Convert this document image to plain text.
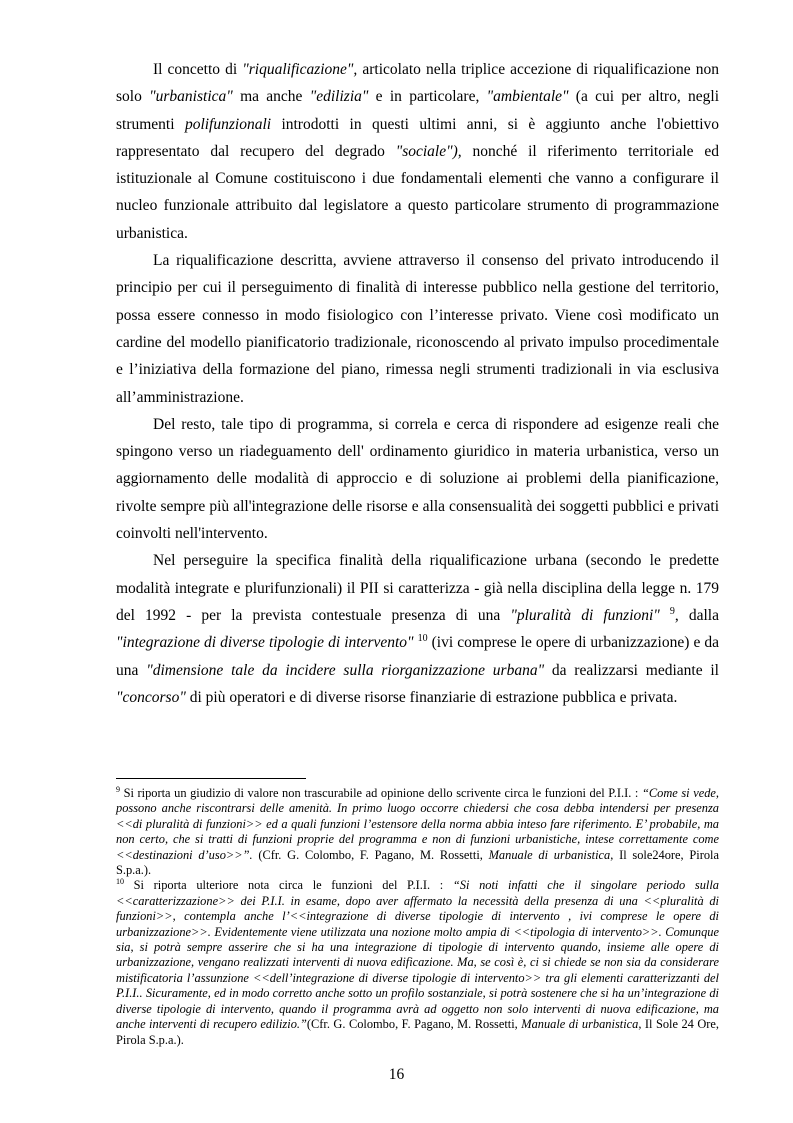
Il concetto di "riqualificazione", articolato nella triplice accezione di riqualificazione non solo "urbanistica" ma anche "edilizia" e in particolare, "ambientale" (a cui per altro, negli strumenti polifunzionali introdotti in questi ultimi anni, si è aggiunto anche l'obiettivo rappresentato dal recupero del degrado "sociale"), nonché il riferimento territoriale ed istituzionale al Comune costituiscono i due fondamentali elementi che vanno a configurare il nucleo funzionale attribuito dal legislatore a questo particolare strumento di programmazione urbanistica.

La riqualificazione descritta, avviene attraverso il consenso del privato introducendo il principio per cui il perseguimento di finalità di interesse pubblico nella gestione del territorio, possa essere connesso in modo fisiologico con l’interesse privato. Viene così modificato un cardine del modello pianificatorio tradizionale, riconoscendo al privato impulso procedimentale e l’iniziativa della formazione del piano, rimessa negli strumenti tradizionali in via esclusiva all’amministrazione.

Del resto, tale tipo di programma, si correla e cerca di rispondere ad esigenze reali che spingono verso un riadeguamento dell' ordinamento giuridico in materia urbanistica, verso un aggiornamento delle modalità di approccio e di soluzione ai problemi della pianificazione, rivolte sempre più all'integrazione delle risorse e alla consensualità dei soggetti pubblici e privati coinvolti nell'intervento.

Nel perseguire la specifica finalità della riqualificazione urbana (secondo le predette modalità integrate e plurifunzionali) il PII si caratterizza - già nella disciplina della legge n. 179 del 1992 - per la prevista contestuale presenza di una "pluralità di funzioni" $^9$, dalla "integrazione di diverse tipologie di intervento" $^{10}$ (ivi comprese le opere di urbanizzazione) e da una "dimensione tale da incidere sulla riorganizzazione urbana" da realizzarsi mediante il "concorso" di più operatori e di diverse risorse finanziarie di estrazione pubblica e privata.

$^9$ Si riporta un giudizio di valore non trascurabile ad opinione dello scrivente circa le funzioni del P.I.I. : “Come si vede, possono anche riscontrarsi delle amenità. In primo luogo occorre chiedersi che cosa debba intendersi per presenza <<di pluralità di funzioni>> ed a quali funzioni l’estensore della norma abbia inteso fare riferimento. E’ probabile, ma non certo, che si tratti di funzioni proprie del programma e non di funzioni urbanistiche, intese correttamente come <<destinazioni d’uso>>”. (Cfr. G. Colombo, F. Pagano, M. Rossetti, Manuale di urbanistica, Il sole24ore, Pirola S.p.a.).

$^{10}$ Si riporta ulteriore nota circa le funzioni del P.I.I. : “Si noti infatti che il singolare periodo sulla <<caratterizzazione>> dei P.I.I. in esame, dopo aver affermato la necessità della presenza di una <<pluralità di funzioni>>, contempla anche l’<<integrazione di diverse tipologie di intervento , ivi comprese le opere di urbanizzazione>>. Evidentemente viene utilizzata una nozione molto ampia di <<tipologia di intervento>>. Comunque sia, si potrà sempre asserire che si ha una integrazione di tipologie di intervento quando, insieme alle opere di urbanizzazione, vengano realizzati interventi di nuova edificazione. Ma, se così è, ci si chiede se non sia da considerare mistificatoria l’assunzione <<dell’integrazione di diverse tipologie di intervento>> tra gli elementi caratterizzanti del P.I.I.. Sicuramente, ed in modo corretto anche sotto un profilo sostanziale, si potrà sostenere che si ha un’integrazione di diverse tipologie di intervento, quando il programma avrà ad oggetto non solo interventi di nuova edificazione, ma anche interventi di recupero edilizio.”(Cfr. G. Colombo, F. Pagano, M. Rossetti, Manuale di urbanistica, Il Sole 24 Ore, Pirola S.p.a.).

16
